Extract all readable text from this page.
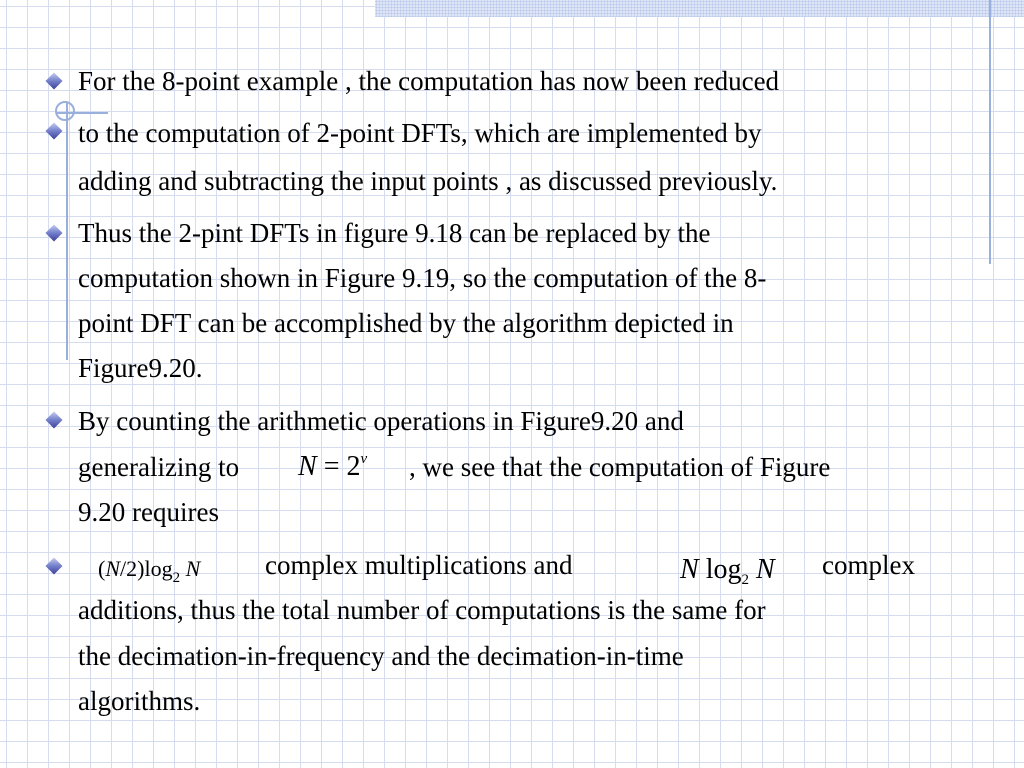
For the 8-point example , the computation has now been reduced
to the computation of 2-point DFTs, which are implemented by
adding and subtracting the input points , as discussed previously.
Thus the 2-pint DFTs in figure 9.18 can be replaced by the
computation shown in Figure 9.19, so the computation of the 8-
point DFT can be accomplished by the algorithm depicted in
Figure9.20.
By counting the arithmetic operations in Figure9.20 and
generalizing to $N = 2^v$ , we see that the computation of Figure
9.20 requires
$(N/2)\log_2$ N complex multiplications and	N $\log_2 N$ complex
additions, thus the total number of computations is the same for
the decimation-in-frequency and the decimation-in-time
algorithms.
